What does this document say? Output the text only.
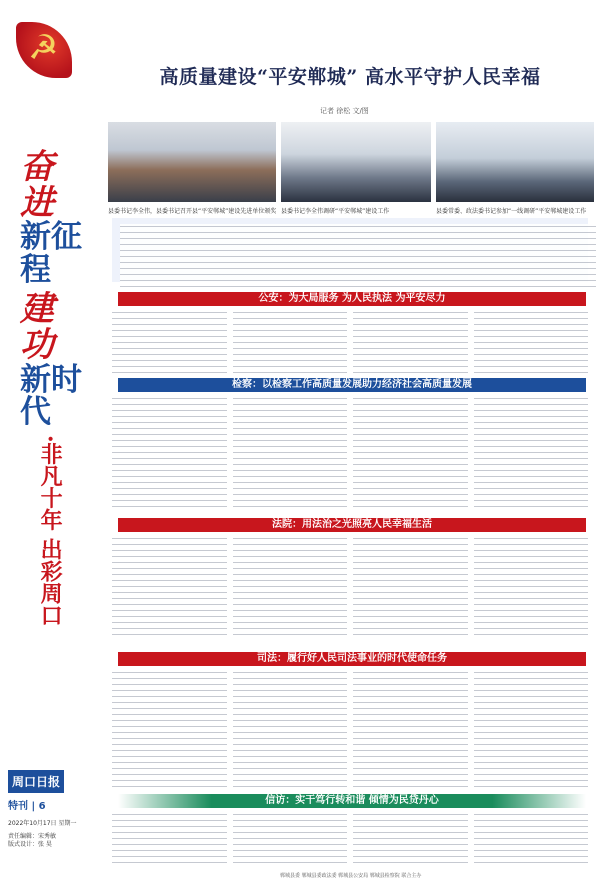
☭
奋进
新征程
建功
新时代
·非凡十年 出彩周口
周口日报
特刊 | 6
2022年10月17日 星期一
责任编辑：宋秀敏
版式设计：张 昊
高质量建设“平安郸城” 高水平守护人民幸福
记者 徐松 文/图
县委书记李全伟，县委书记召开县“平安郸城”建设先进单位颁奖 县委书记李全伟调研“平安郸城”建设工作	县委常委、政法委书记参加“一线调研”平安郸城建设工作
公安：为大局服务 为人民执法 为平安尽力
检察：以检察工作高质量发展助力经济社会高质量发展
法院：用法治之光照亮人民幸福生活
司法：履行好人民司法事业的时代使命任务
信访：实干笃行转和谐 倾情为民贷丹心
郸城县委 郸城县委政法委 郸城县公安局 郸城县检察院 联合主办
